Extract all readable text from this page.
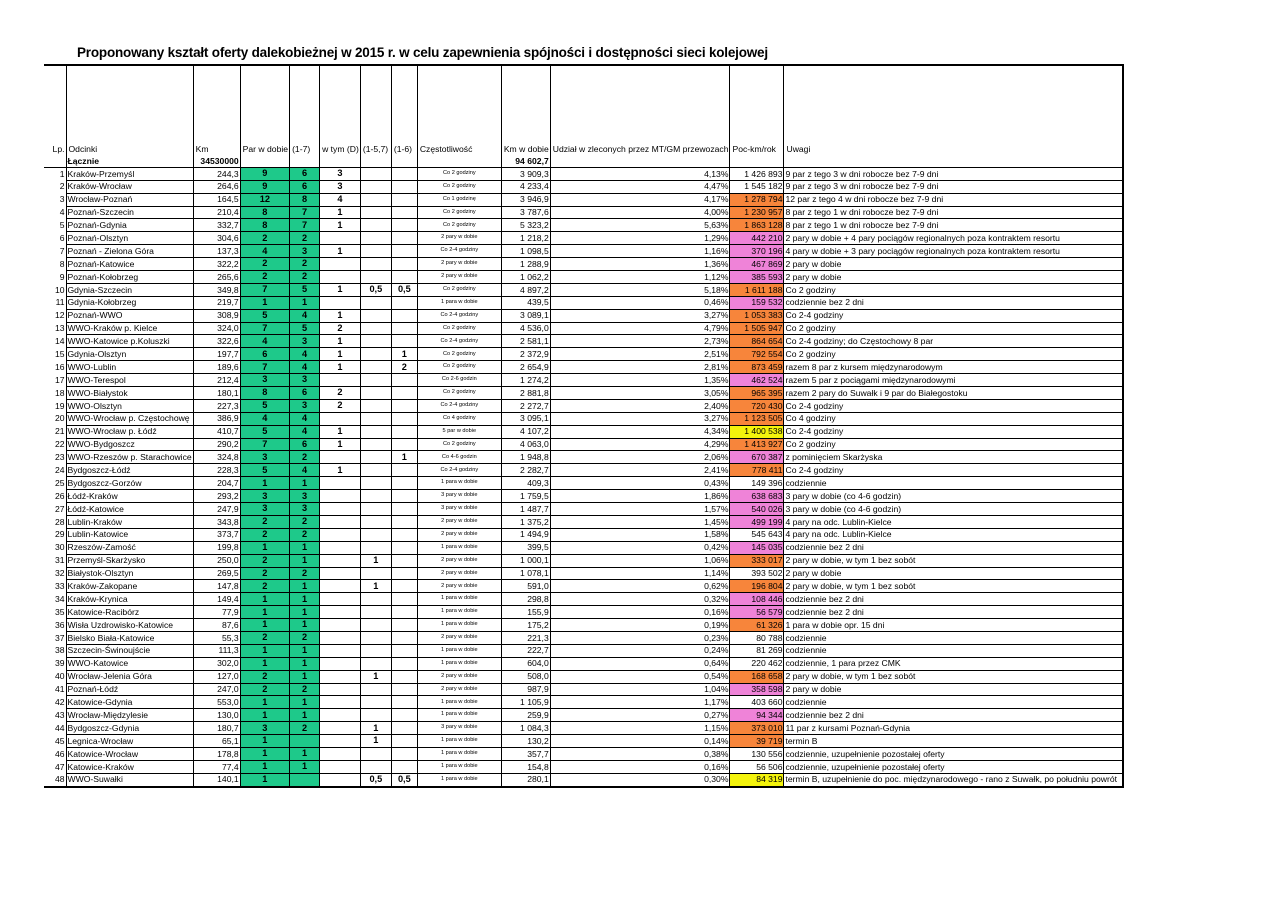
Proponowany kształt oferty dalekobieżnej w 2015 r. w celu zapewnienia spójności i dostępności sieci kolejowej
Lp.	Odcinki	Km	Par w dobie	(1-7)	w tym (D)	(1-5,7)	(1-6)	Częstotliwość	Km w dobie	Udział w zleconych przez MT/GM przewozach	Poc-km/rok	Uwagi
	Łącznie	34530000							94 602,7			
1	Kraków-Przemyśl	244,3	9	6	3			Co 2 godziny	3 909,3	4,13%	1 426 893	9 par z tego 3 w dni robocze bez 7-9 dni
2	Kraków-Wrocław	264,6	9	6	3			Co 2 godziny	4 233,4	4,47%	1 545 182	9 par z tego 3 w dni robocze bez 7-9 dni
3	Wrocław-Poznań	164,5	12	8	4			Co 1 godzinę	3 946,9	4,17%	1 278 794	12 par z tego 4 w dni robocze bez 7-9 dni
4	Poznań-Szczecin	210,4	8	7	1			Co 2 godziny	3 787,6	4,00%	1 230 957	8 par z tego 1 w dni robocze bez 7-9 dni
5	Poznań-Gdynia	332,7	8	7	1			Co 2 godziny	5 323,2	5,63%	1 863 128	8 par z tego 1 w dni robocze bez 7-9 dni
6	Poznań-Olsztyn	304,6	2	2				2 pary w dobie	1 218,2	1,29%	442 210	2 pary w dobie + 4 pary pociągów regionalnych poza kontraktem resortu
7	Poznań - Zielona Góra	137,3	4	3	1			Co 2-4 godziny	1 098,5	1,16%	370 196	4 pary w dobie + 3 pary pociągów regionalnych poza kontraktem resortu
8	Poznań-Katowice	322,2	2	2				2 pary w dobie	1 288,9	1,36%	467 869	2 pary w dobie
9	Poznań-Kołobrzeg	265,6	2	2				2 pary w dobie	1 062,2	1,12%	385 593	2 pary w dobie
10	Gdynia-Szczecin	349,8	7	5	1	0,5	0,5	Co 2 godziny	4 897,2	5,18%	1 611 188	Co 2 godziny
11	Gdynia-Kołobrzeg	219,7	1	1				1 para w dobie	439,5	0,46%	159 532	codziennie bez 2 dni
12	Poznań-WWO	308,9	5	4	1			Co 2-4 godziny	3 089,1	3,27%	1 053 383	Co 2-4 godziny
13	WWO-Kraków p. Kielce	324,0	7	5	2			Co 2 godziny	4 536,0	4,79%	1 505 947	Co 2 godziny
14	WWO-Katowice p.Koluszki	322,6	4	3	1			Co 2-4 godziny	2 581,1	2,73%	864 654	Co 2-4 godziny; do Częstochowy 8 par
15	Gdynia-Olsztyn	197,7	6	4	1		1	Co 2 godziny	2 372,9	2,51%	792 554	Co 2 godziny
16	WWO-Lublin	189,6	7	4	1		2	Co 2 godziny	2 654,9	2,81%	873 459	razem 8 par z kursem międzynarodowym
17	WWO-Terespol	212,4	3	3				Co 2-6 godzin	1 274,2	1,35%	462 524	razem 5 par z pociągami międzynarodowymi
18	WWO-Białystok	180,1	8	6	2			Co 2 godziny	2 881,8	3,05%	965 395	razem 2 pary do Suwałk i 9 par do Białegostoku
19	WWO-Olsztyn	227,3	5	3	2			Co 2-4 godziny	2 272,7	2,40%	720 430	Co 2-4 godziny
20	WWO-Wrocław p. Częstochowę	386,9	4	4				Co 4 godziny	3 095,1	3,27%	1 123 505	Co 4 godziny
21	WWO-Wrocław p. Łódź	410,7	5	4	1			5 par w dobie	4 107,2	4,34%	1 400 538	Co 2-4 godziny
22	WWO-Bydgoszcz	290,2	7	6	1			Co 2 godziny	4 063,0	4,29%	1 413 927	Co 2 godziny
23	WWO-Rzeszów p. Starachowice	324,8	3	2			1	Co 4-6 godzin	1 948,8	2,06%	670 387	z pominięciem Skarżyska
24	Bydgoszcz-Łódź	228,3	5	4	1			Co 2-4 godziny	2 282,7	2,41%	778 411	Co 2-4 godziny
25	Bydgoszcz-Gorzów	204,7	1	1				1 para w dobie	409,3	0,43%	149 396	codziennie
26	Łódź-Kraków	293,2	3	3				3 pary w dobie	1 759,5	1,86%	638 683	3 pary w dobie (co 4-6 godzin)
27	Łódź-Katowice	247,9	3	3				3 pary w dobie	1 487,7	1,57%	540 026	3 pary w dobie (co 4-6 godzin)
28	Lublin-Kraków	343,8	2	2				2 pary w dobie	1 375,2	1,45%	499 199	4 pary na odc. Lublin-Kielce
29	Lublin-Katowice	373,7	2	2				2 pary w dobie	1 494,9	1,58%	545 643	4 pary na odc. Lublin-Kielce
30	Rzeszów-Zamość	199,8	1	1				1 para w dobie	399,5	0,42%	145 035	codziennie bez 2 dni
31	Przemyśl-Skarżysko	250,0	2	1		1		2 pary w dobie	1 000,1	1,06%	333 017	2 pary w dobie, w tym 1 bez sobót
32	Białystok-Olsztyn	269,5	2	2				2 pary w dobie	1 078,1	1,14%	393 502	2 pary w dobie
33	Kraków-Zakopane	147,8	2	1		1		2 pary w dobie	591,0	0,62%	196 804	2 pary w dobie, w tym 1 bez sobót
34	Kraków-Krynica	149,4	1	1				1 para w dobie	298,8	0,32%	108 446	codziennie bez 2 dni
35	Katowice-Racibórz	77,9	1	1				1 para w dobie	155,9	0,16%	56 579	codziennie bez 2 dni
36	Wisła Uzdrowisko-Katowice	87,6	1	1				1 para w dobie	175,2	0,19%	61 326	1 para w dobie opr. 15 dni
37	Bielsko Biała-Katowice	55,3	2	2				2 pary w dobie	221,3	0,23%	80 788	codziennie
38	Szczecin-Świnoujście	111,3	1	1				1 para w dobie	222,7	0,24%	81 269	codziennie
39	WWO-Katowice	302,0	1	1				1 para w dobie	604,0	0,64%	220 462	codziennie, 1 para przez CMK
40	Wrocław-Jelenia Góra	127,0	2	1		1		2 pary w dobie	508,0	0,54%	168 658	2 pary w dobie, w tym 1 bez sobót
41	Poznań-Łódź	247,0	2	2				2 pary w dobie	987,9	1,04%	358 598	2 pary w dobie
42	Katowice-Gdynia	553,0	1	1				1 para w dobie	1 105,9	1,17%	403 660	codziennie
43	Wrocław-Międzylesie	130,0	1	1				1 para w dobie	259,9	0,27%	94 344	codziennie bez 2 dni
44	Bydgoszcz-Gdynia	180,7	3	2		1		3 pary w dobie	1 084,3	1,15%	373 010	11 par z kursami Poznań-Gdynia
45	Legnica-Wrocław	65,1	1			1		1 para w dobie	130,2	0,14%	39 719	termin B
46	Katowice-Wrocław	178,8	1	1				1 para w dobie	357,7	0,38%	130 556	codziennie, uzupełnienie pozostałej oferty
47	Katowice-Kraków	77,4	1	1				1 para w dobie	154,8	0,16%	56 506	codziennie, uzupełnienie pozostałej oferty
48	WWO-Suwałki	140,1	1			0,5	0,5	1 para w dobie	280,1	0,30%	84 319	termin B, uzupełnienie do poc. międzynarodowego - rano z Suwałk, po południu powrót
